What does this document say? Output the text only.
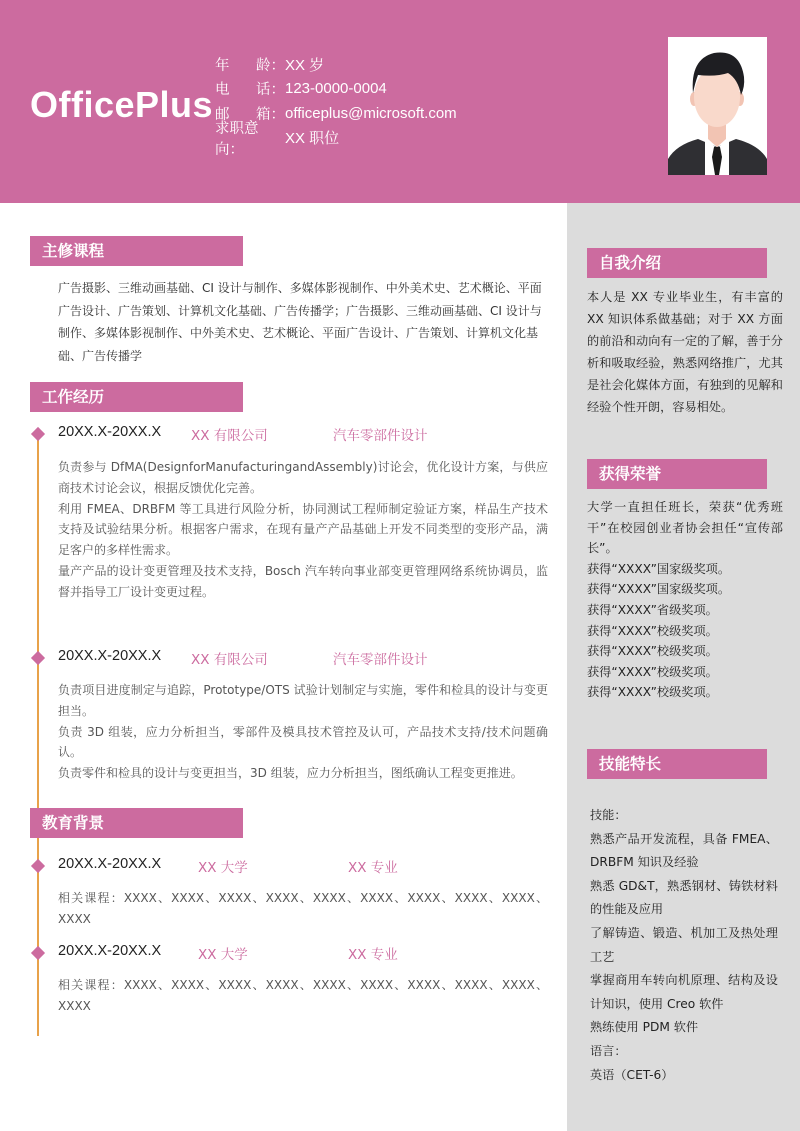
OfficePlus
年 龄： XX 岁
电 话： 123-0000-0004
邮 箱： officeplus@microsoft.com
求职意向：
XX 职位
主修课程
广告摄影、三维动画基础、CI 设计与制作、多媒体影视制作、中外美术史、艺术概论、平面广告设计、广告策划、计算机文化基础、广告传播学；广告摄影、三维动画基础、CI 设计与制作、多媒体影视制作、中外美术史、艺术概论、平面广告设计、广告策划、计算机文化基础、广告传播学
工作经历
20XX.X-20XX.X XX 有限公司	汽车零部件设计

负责参与 DfMA(DesignforManufacturingandAssembly)讨论会，优化设计方案，与供应商技术讨论会议，根据反馈优化完善。

利用 FMEA、DRBFM 等工具进行风险分析，协同测试工程师制定验证方案，样品生产技术支持及试验结果分析。根据客户需求，在现有量产产品基础上开发不同类型的变形产品，满足客户的多样性需求。

量产产品的设计变更管理及技术支持，Bosch 汽车转向事业部变更管理网络系统协调员，监督并指导工厂设计变更过程。

20XX.X-20XX.X XX 有限公司	汽车零部件设计

负责项目进度制定与追踪，Prototype/OTS 试验计划制定与实施，零件和检具的设计与变更担当。

负责 3D 组装，应力分析担当，零部件及模具技术管控及认可，产品技术支持/技术问题确认。

负责零件和检具的设计与变更担当，3D 组装，应力分析担当，图纸确认工程变更推进。

教育背景
20XX.X-20XX.X	XX 大学	XX 专业
相关课程：XXXX、XXXX、XXXX、XXXX、XXXX、XXXX、XXXX、XXXX、XXXX、XXXX
20XX.X-20XX.X	XX 大学	XX 专业
相关课程：XXXX、XXXX、XXXX、XXXX、XXXX、XXXX、XXXX、XXXX、XXXX、XXXX
自我介绍
本人是 XX 专业毕业生，有丰富的 XX 知识体系做基础；对于 XX 方面的前沿和动向有一定的了解，善于分析和吸取经验，熟悉网络推广，尤其是社会化媒体方面，有独到的见解和经验个性开朗，容易相处。
获得荣誉

大学一直担任班长，荣获“优秀班干”在校园创业者协会担任“宣传部长”。

获得“XXXX”国家级奖项。

获得“XXXX”国家级奖项。

获得“XXXX”省级奖项。

获得“XXXX”校级奖项。

获得“XXXX”校级奖项。

获得“XXXX”校级奖项。

获得“XXXX”校级奖项。

技能特长

技能：

熟悉产品开发流程，具备 FMEA、DRBFM 知识及经验

熟悉 GD&T，熟悉钢材、铸铁材料的性能及应用

了解铸造、锻造、机加工及热处理工艺

掌握商用车转向机原理、结构及设计知识，使用 Creo 软件

熟练使用 PDM 软件

语言：

英语（CET-6）
